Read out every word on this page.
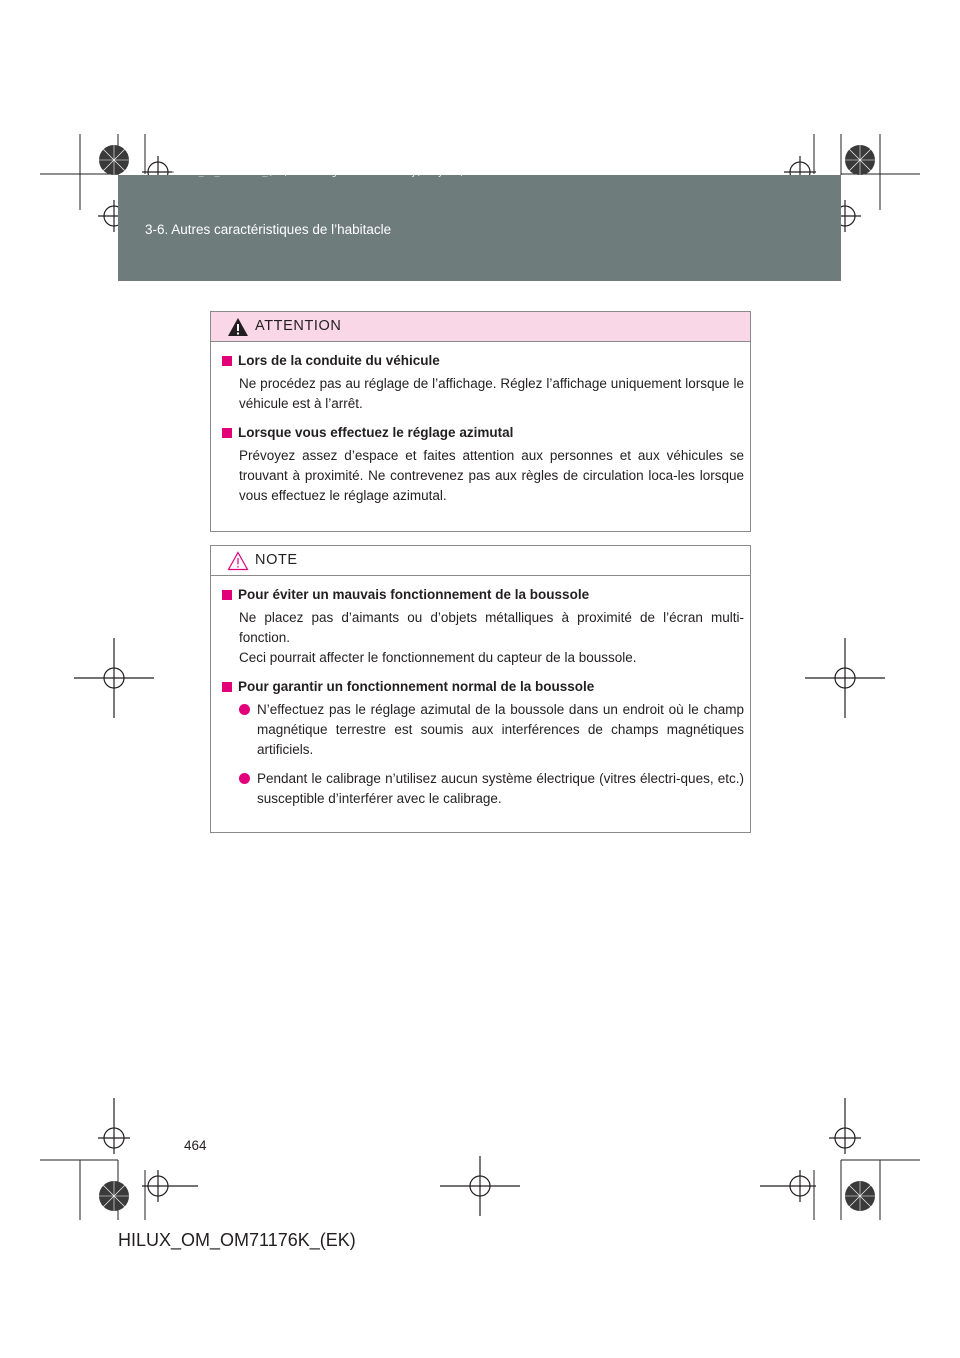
HILUX_OM_OM71176K_(EK).book Page 464 Wednesday, May 16, 2012 2:32 PM
3-6. Autres caractéristiques de l’habitacle
ATTENTION
Lors de la conduite du véhicule
Ne procédez pas au réglage de l’affichage. Réglez l’affichage uniquement lorsque le véhicule est à l’arrêt.
Lorsque vous effectuez le réglage azimutal
Prévoyez assez d’espace et faites attention aux personnes et aux véhicules se trouvant à proximité. Ne contrevenez pas aux règles de circulation loca-les lorsque vous effectuez le réglage azimutal.
NOTE
Pour éviter un mauvais fonctionnement de la boussole
Ne placez pas d’aimants ou d’objets métalliques à proximité de l’écran multi-fonction.
Ceci pourrait affecter le fonctionnement du capteur de la boussole.
Pour garantir un fonctionnement normal de la boussole
N’effectuez pas le réglage azimutal de la boussole dans un endroit où le champ magnétique terrestre est soumis aux interférences de champs magnétiques artificiels.
Pendant le calibrage n’utilisez aucun système électrique (vitres électri-ques, etc.) susceptible d’interférer avec le calibrage.
464
HILUX_OM_OM71176K_(EK)
